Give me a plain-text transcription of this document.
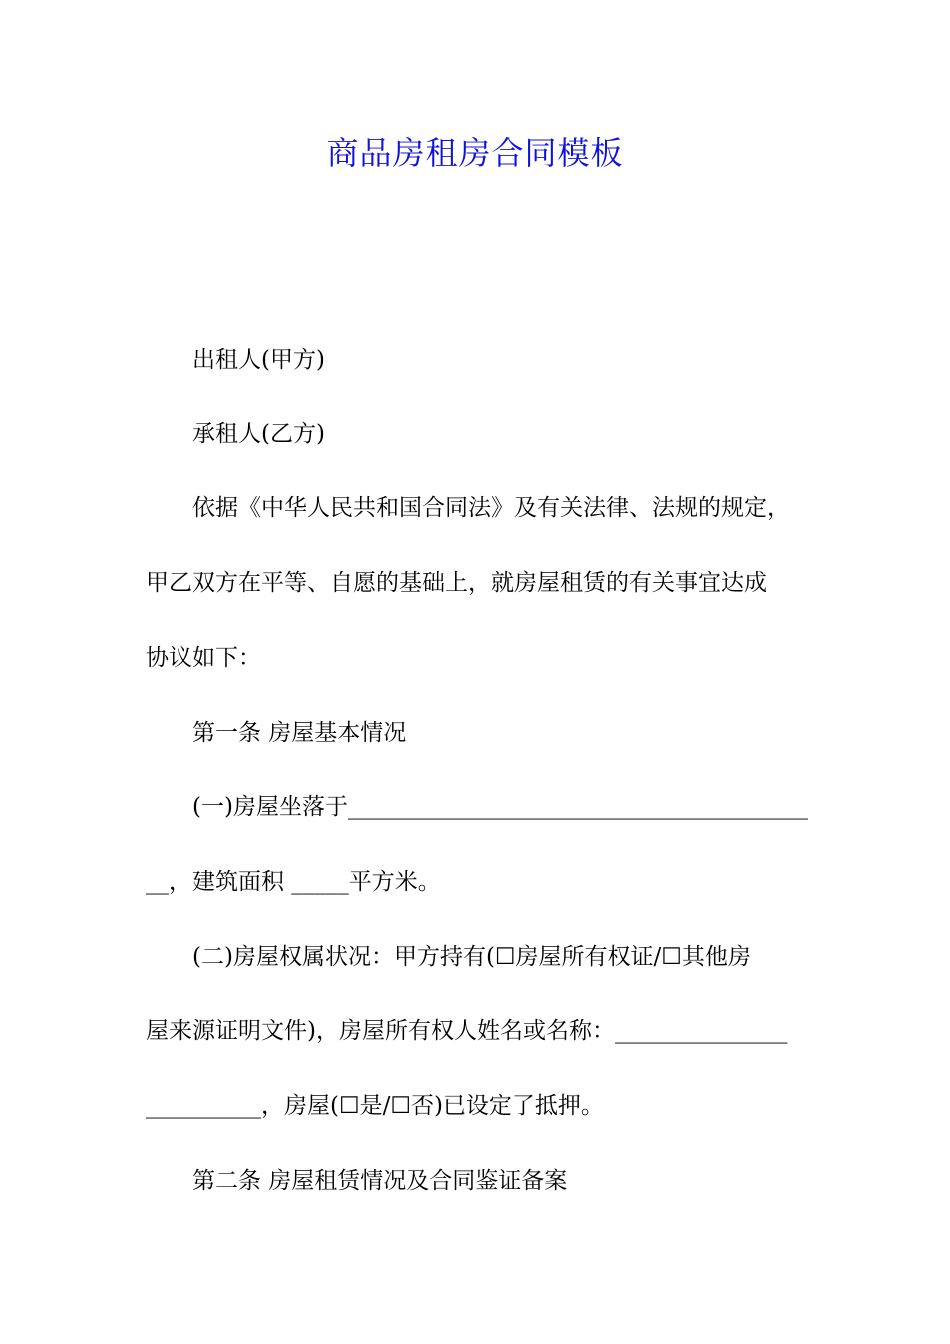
商品房租房合同模板
出租人(甲方)
承租人(乙方)
依据《中华人民共和国合同法》及有关法律、法规的规定，
甲乙双方在平等、自愿的基础上，就房屋租赁的有关事宜达成
协议如下：
第一条 房屋基本情况
(一)房屋坐落于________________________________________
__，建筑面积 _____平方米。
(二)房屋权属状况：甲方持有(☐房屋所有权证/☐其他房
屋来源证明文件)，房屋所有权人姓名或名称：_______________
__________，房屋(☐是/☐否)已设定了抵押。
第二条 房屋租赁情况及合同鉴证备案
